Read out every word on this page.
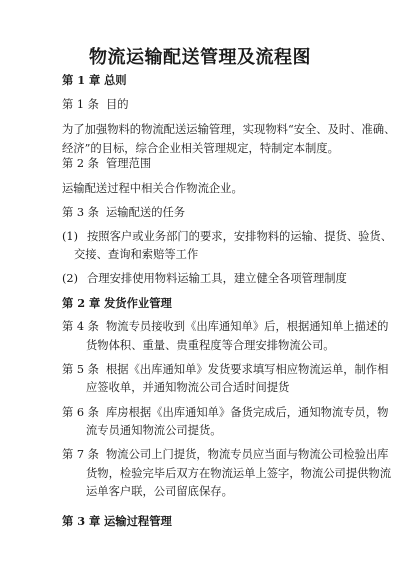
物流运输配送管理及流程图
第 1 章 总则
第 1 条 目的
为了加强物料的物流配送运输管理，实现物料“安全、及时、准确、
经济”的目标，综合企业相关管理规定，特制定本制度。
第 2 条 管理范围
运输配送过程中相关合作物流企业。
第 3 条 运输配送的任务
(1) 按照客户或业务部门的要求，安排物料的运输、提货、验货、
交接、查询和索赔等工作
(2) 合理安排使用物料运输工具，建立健全各项管理制度
第 2 章 发货作业管理
第 4 条 物流专员接收到《出库通知单》后，根据通知单上描述的
货物体积、重量、贵重程度等合理安排物流公司。
第 5 条 根据《出库通知单》发货要求填写相应物流运单，制作相
应签收单，并通知物流公司合适时间提货
第 6 条 库房根据《出库通知单》备货完成后，通知物流专员，物
流专员通知物流公司提货。
第 7 条 物流公司上门提货，物流专员应当面与物流公司检验出库
货物，检验完毕后双方在物流运单上签字，物流公司提供物流
运单客户联，公司留底保存。
第 3 章 运输过程管理
